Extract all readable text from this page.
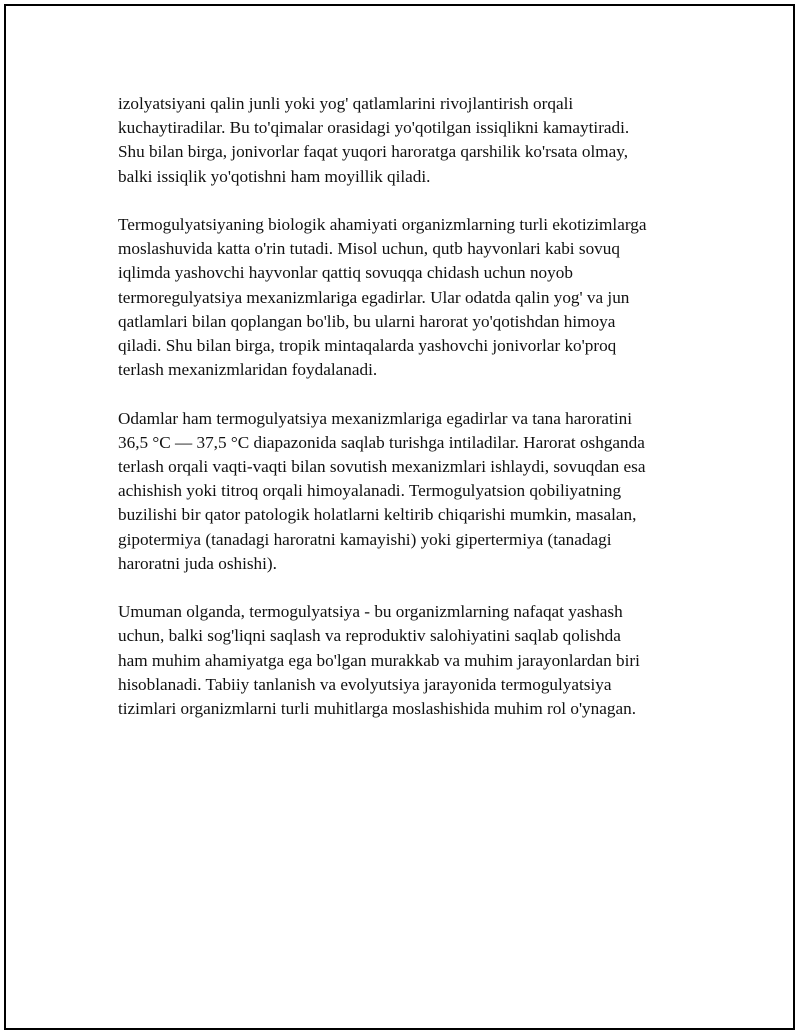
izolyatsiyani qalin junli yoki yog' qatlamlarini rivojlantirish orqali
kuchaytiradilar. Bu to'qimalar orasidagi yo'qotilgan issiqlikni kamaytiradi.
Shu bilan birga, jonivorlar faqat yuqori haroratga qarshilik ko'rsata olmay,
balki issiqlik yo'qotishni ham moyillik qiladi.

Termogulyatsiyaning biologik ahamiyati organizmlarning turli ekotizimlarga
moslashuvida katta o'rin tutadi. Misol uchun, qutb hayvonlari kabi sovuq
iqlimda yashovchi hayvonlar qattiq sovuqqa chidash uchun noyob
termoregulyatsiya mexanizmlariga egadirlar. Ular odatda qalin yog' va jun
qatlamlari bilan qoplangan bo'lib, bu ularni harorat yo'qotishdan himoya
qiladi. Shu bilan birga, tropik mintaqalarda yashovchi jonivorlar ko'proq
terlash mexanizmlaridan foydalanadi.

Odamlar ham termogulyatsiya mexanizmlariga egadirlar va tana haroratini
36,5 °C — 37,5 °C diapazonida saqlab turishga intiladilar. Harorat oshganda
terlash orqali vaqti-vaqti bilan sovutish mexanizmlari ishlaydi, sovuqdan esa
achishish yoki titroq orqali himoyalanadi. Termogulyatsion qobiliyatning
buzilishi bir qator patologik holatlarni keltirib chiqarishi mumkin, masalan,
gipotermiya (tanadagi haroratni kamayishi) yoki gipertermiya (tanadagi
haroratni juda oshishi).

Umuman olganda, termogulyatsiya - bu organizmlarning nafaqat yashash
uchun, balki sog'liqni saqlash va reproduktiv salohiyatini saqlab qolishda
ham muhim ahamiyatga ega bo'lgan murakkab va muhim jarayonlardan biri
hisoblanadi. Tabiiy tanlanish va evolyutsiya jarayonida termogulyatsiya
tizimlari organizmlarni turli muhitlarga moslashishida muhim rol o'ynagan.
